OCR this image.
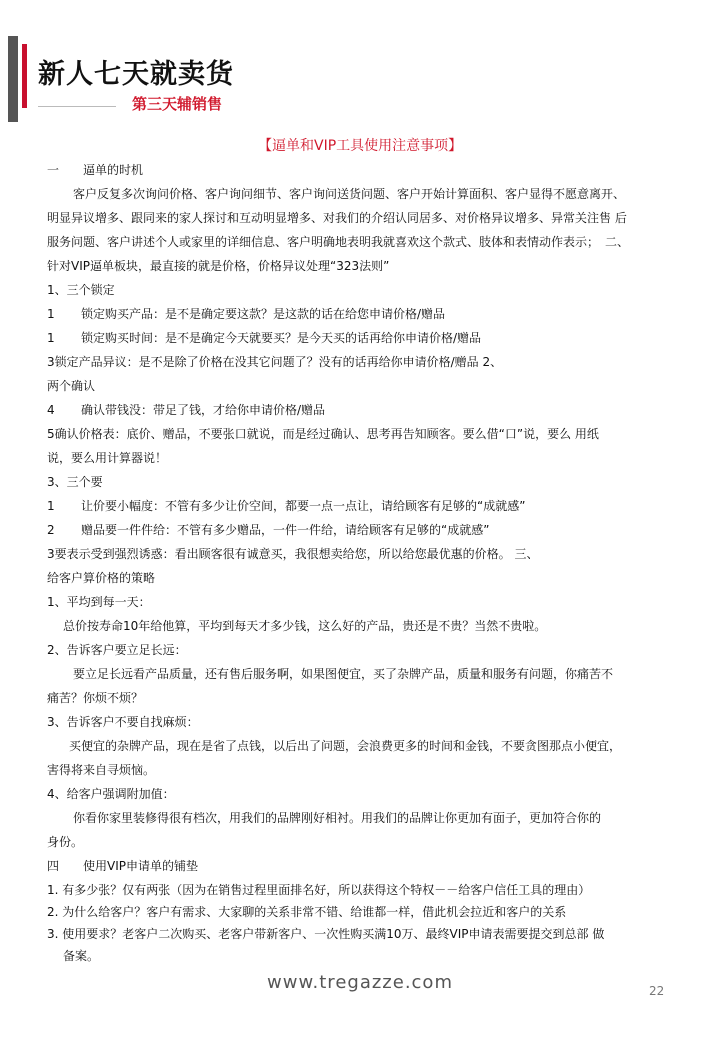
新人七天就卖货
第三天辅销售
【逼单和VIP工具使用注意事项】
一　　逼单的时机
客户反复多次询问价格、客户询问细节、客户询问送货问题、客户开始计算面积、客户显得不愿意离开、
明显异议增多、跟同来的家人探讨和互动明显增多、对我们的介绍认同居多、对价格异议增多、异常关注售 后
服务问题、客户讲述个人或家里的详细信息、客户明确地表明我就喜欢这个款式、肢体和表情动作表示；　二、
针对VIP逼单板块，最直接的就是价格，价格异议处理“323法则”
1、三个锁定
1 锁定购买产品：是不是确定要这款？是这款的话在给您申请价格/赠品
1 锁定购买时间：是不是确定今天就要买？是今天买的话再给你申请价格/赠品
3锁定产品异议：是不是除了价格在没其它问题了？没有的话再给你申请价格/赠品 2、
两个确认
4 确认带钱没：带足了钱，才给你申请价格/赠品
5确认价格表：底价、赠品，不要张口就说，而是经过确认、思考再告知顾客。要么借“口”说，要么 用纸
说，要么用计算器说！
3、三个要
1 让价要小幅度：不管有多少让价空间，都要一点一点让，请给顾客有足够的“成就感”
2 赠品要一件件给：不管有多少赠品，一件一件给，请给顾客有足够的“成就感”
3要表示受到强烈诱惑：看出顾客很有诚意买，我很想卖给您，所以给您最优惠的价格。 三、
给客户算价格的策略
1、平均到每一天：
总价按寿命10年给他算，平均到每天才多少钱，这么好的产品，贵还是不贵？当然不贵啦。
2、告诉客户要立足长远：
要立足长远看产品质量，还有售后服务啊，如果图便宜，买了杂牌产品，质量和服务有问题，你痛苦不
痛苦？你烦不烦？
3、告诉客户不要自找麻烦：
买便宜的杂牌产品，现在是省了点钱，以后出了问题，会浪费更多的时间和金钱，不要贪图那点小便宜，
害得将来自寻烦恼。
4、给客户强调附加值：
你看你家里装修得很有档次，用我们的品牌刚好相衬。用我们的品牌让你更加有面子，更加符合你的
身份。
四　　使用VIP申请单的铺垫
1. 有多少张？仅有两张（因为在销售过程里面排名好，所以获得这个特权－－给客户信任工具的理由）
2. 为什么给客户？客户有需求、大家聊的关系非常不错、给谁都一样，借此机会拉近和客户的关系
3. 使用要求？老客户二次购买、老客户带新客户、一次性购买满10万、最终VIP申请表需要提交到总部 做
备案。
www.tregazze.com	22
